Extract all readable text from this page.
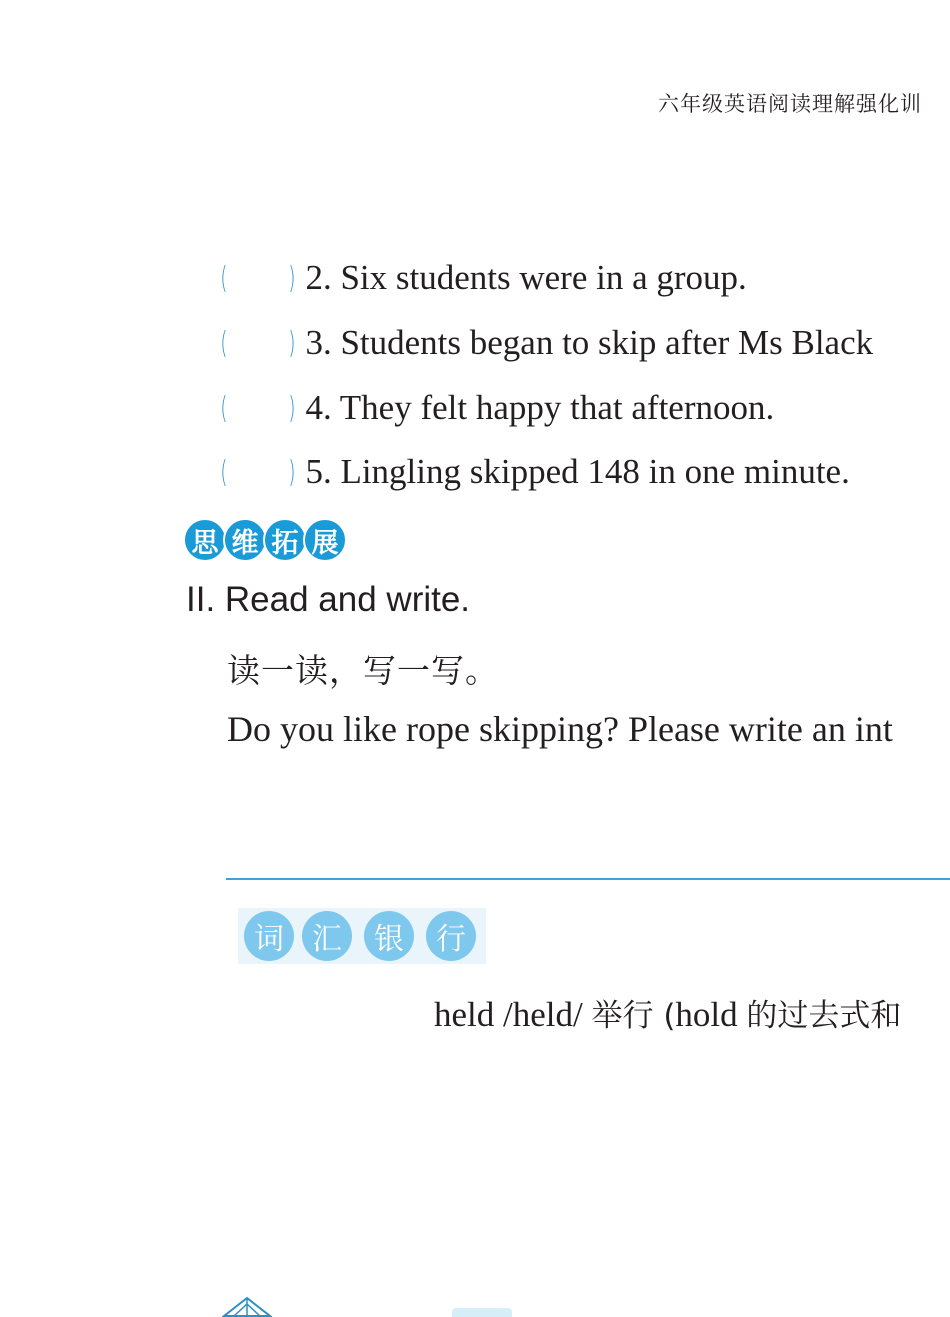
六年级英语阅读理解强化训
( ) 2. Six students were in a group.
( ) 3. Students began to skip after Ms Black
( ) 4. They felt happy that afternoon.
( ) 5. Lingling skipped 148 in one minute.
思 维 拓 展
II. Read and write.
读一读，写一写。
Do you like rope skipping? Please write an int
词 汇	银	行
held /held/ 举行 (hold 的过去式和
